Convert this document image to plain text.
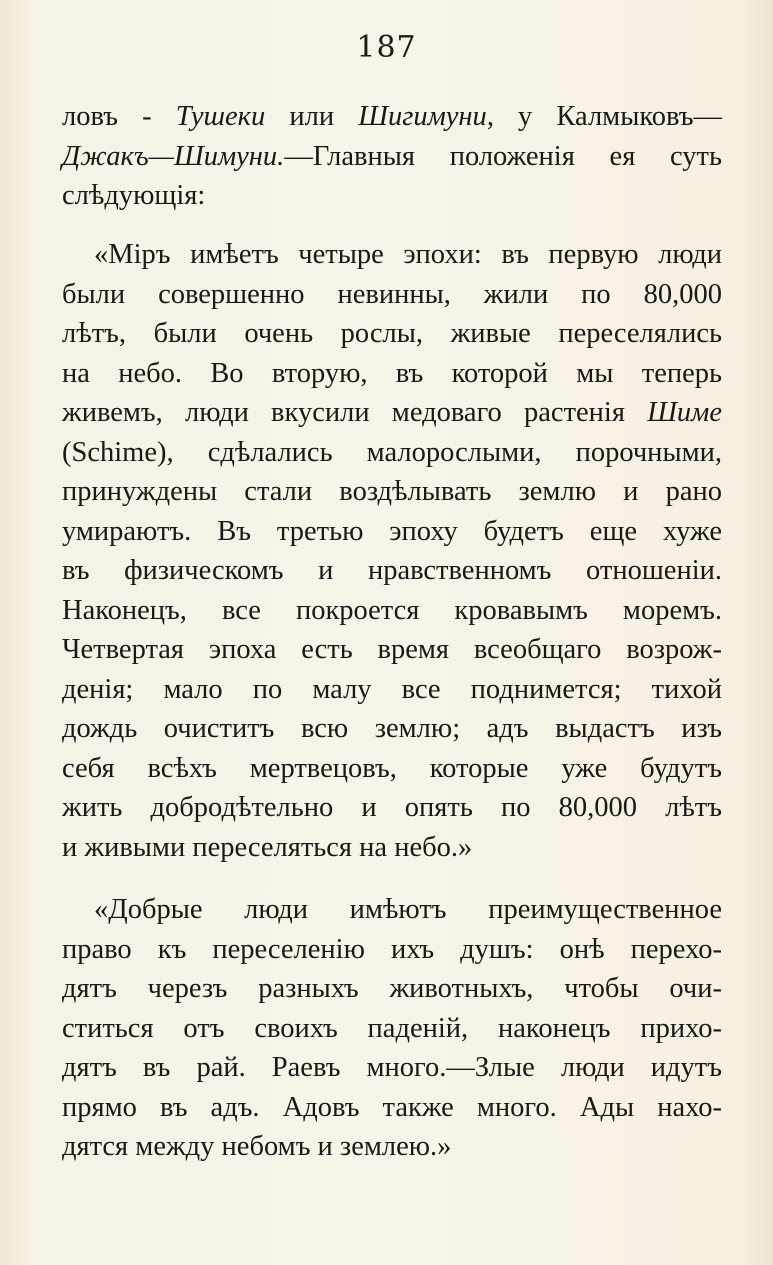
187
ловъ - Тушеки или Шигимуни, у Калмыковъ—
Джакъ—Шимуни.—Главныя положенія ея суть
слѣдующія:
«Міръ имѣетъ четыре эпохи: въ первую люди
были совершенно невинны, жили по 80,000
лѣтъ, были очень рослы, живые переселялись
на небо. Во вторую, въ которой мы теперь
живемъ, люди вкусили медоваго растенія Шиме
(Schime), сдѣлались малорослыми, порочными,
принуждены стали воздѣлывать землю и рано
умираютъ. Въ третью эпоху будетъ еще хуже
въ физическомъ и нравственномъ отношеніи.
Наконецъ, все покроется кровавымъ моремъ.
Четвертая эпоха есть время всеобщаго возрож-
денія; мало по малу все поднимется; тихой
дождь очиститъ всю землю; адъ выдастъ изъ
себя всѣхъ мертвецовъ, которые уже будутъ
жить добродѣтельно и опять по 80,000 лѣтъ
и живыми переселяться на небо.»
«Добрые люди имѣютъ преимущественное
право къ переселенію ихъ душъ: онѣ перехо-
дятъ черезъ разныхъ животныхъ, чтобы очи-
ститься отъ своихъ паденій, наконецъ прихо-
дятъ въ рай. Раевъ много.—Злые люди идутъ
прямо въ адъ. Адовъ также много. Ады нахо-
дятся между небомъ и землею.»
